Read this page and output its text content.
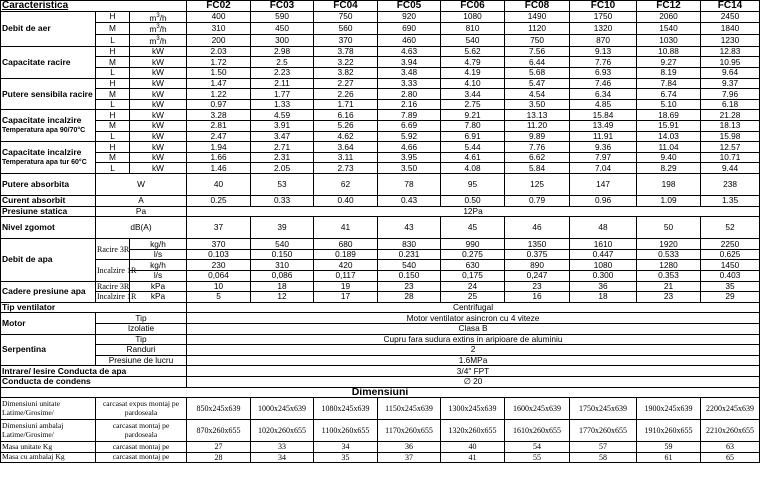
Caracteristica			FC02	FC03	FC04	FC05	FC06	FC08	FC10	FC12	FC14
Debit de aer	H	$m^3/h$	400	590	750	920	1080	1490	1750	2060	2450
	M	$m^3/h$	310	450	560	690	810	1120	1320	1540	1840
	L	$m^3/h$	200	300	370	460	540	750	870	1030	1230
Capacitate racire	H	kW	2.03	2.98	3.78	4.63	5.62	7.56	9.13	10.88	12.83
	M	kW	1.72	2.5	3.22	3.94	4.79	6.44	7.76	9.27	10.95
	L	kW	1.50	2.23	3.82	3.48	4.19	5.68	6.93	8.19	9.64
Putere sensibila racire	H	kW	1.47	2.11	2.27	3.33	4.10	5.47	7.46	7.84	9.37
	M	kW	1.22	1.77	2.26	2.80	3.44	4.54	6.34	6.74	7.96
	L	kW	0.97	1.33	1.71	2.16	2.75	3.50	4.85	5.10	6.18
Capacitate incalzire
Temperatura apa 90/70°C	H	kW	3.28	4.59	6.16	7.89	9.21	13.13	15.84	18.69	21.28
	M	kW	2.81	3.91	5.26	6.69	7.80	11.20	13.49	15.91	18.13
	L	kW	2.47	3.47	4.62	5.92	6.91	9.89	11.91	14.03	15.98
Capacitate incalzire
Temperatura apa tur 60°C	H	kW	1.94	2.71	3.64	4.66	5.44	7.76	9.36	11.04	12.57
	M	kW	1.66	2.31	3.11	3.95	4.61	6.62	7.97	9.40	10.71
	L	kW	1.46	2.05	2.73	3.50	4.08	5.84	7.04	8.29	9.44
Putere absorbita	W		40	53	62	78	95	125	147	198	238
Curent absorbit	A		0.25	0.33	0.40	0.43	0.50	0.79	0.96	1.09	1.35
Presiune statica	Pa		12Pa								
Nivel zgomot	dB(A)		37	39	41	43	45	46	48	50	52
Debit de apa	Racire 3R	kg/h	370	540	680	830	990	1350	1610	1920	2250
		l/s	0.103	0.150	0.189	0.231	0.275	0.375	0.447	0.533	0.625
	Incalzire 1R	kg/h	230	310	420	540	630	890	1080	1280	1450
		l/s	0,064	0,086	0,117	0.150	0,175	0,247	0.300	0.353	0.403
Cadere presiune apa	Racire 3R	kPa	10	18	19	23	24	23	36	21	35
	Incalzire 1R	kPa	5	12	17	28	25	16	18	23	29
Tip ventilator			Centrifugal								
Motor	Tip		Motor ventilator asincron cu 4 viteze								
	Izolatie		Clasa B								
Serpentina	Tip		Cupru fara sudura extins in aripioare de aluminiu								
	Randuri		2								
	Presiune de lucru		1.6MPa								
Intrare/ Iesire Conducta de apa			3/4" FPT								
Conducta de condens			∅ 20								
Dimensiuni											
Dimensiuni unitate Latime/Grosime/	carcasat expus montaj pe pardoseala		850x245x639	1000x245x639	1080x245x639	1150x245x639	1300x245x639	1600x245x639	1750x245x639	1900x245x639	2200x245x639
Dimensiuni ambalaj Latime/Grosime/	carcasat montaj pe pardoseala		870x260x655	1020x260x655	1100x260x655	1170x260x655	1320x260x655	1610x260x655	1770x260x655	1910x260x655	2210x260x655
Masa unitate Kg	carcasat montaj pe		27	33	34	36	40	54	57	59	63
Masa cu ambalaj Kg	carcasat montaj pe		28	34	35	37	41	55	58	61	65
